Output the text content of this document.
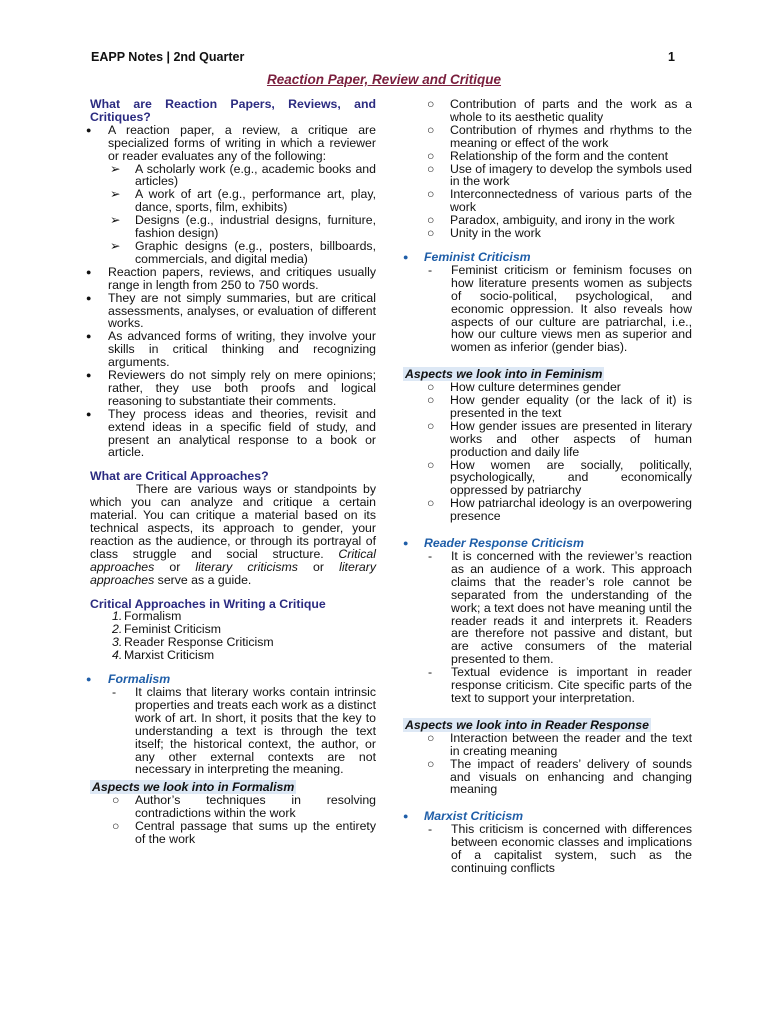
EAPP Notes | 2nd Quarter	1
Reaction Paper, Review and Critique

What are Reaction Papers, Reviews, and Critiques?

● A reaction paper, a review, a critique are specialized forms of writing in which a reviewer or reader evaluates any of the following:
➢ A scholarly work (e.g., academic books and articles)
➢ A work of art (e.g., performance art, play, dance, sports, film, exhibits)
➢ Designs (e.g., industrial designs, furniture, fashion design)
➢ Graphic designs (e.g., posters, billboards, commercials, and digital media)
● Reaction papers, reviews, and critiques usually range in length from 250 to 750 words.
● They are not simply summaries, but are critical assessments, analyses, or evaluation of different works.
● As advanced forms of writing, they involve your skills in critical thinking and recognizing arguments.
● Reviewers do not simply rely on mere opinions; rather, they use both proofs and logical reasoning to substantiate their comments.
● They process ideas and theories, revisit and extend ideas in a specific field of study, and present an analytical response to a book or article.

What are Critical Approaches?

There are various ways or standpoints by which you can analyze and critique a certain material. You can critique a material based on its technical aspects, its approach to gender, your reaction as the audience, or through its portrayal of class struggle and social structure. Critical approaches or literary criticisms or literary approaches serve as a guide.

Critical Approaches in Writing a Critique

1. Formalism
2. Feminist Criticism
3. Reader Response Criticism
4. Marxist Criticism
● Formalism
- It claims that literary works contain intrinsic properties and treats each work as a distinct work of art. In short, it posits that the key to understanding a text is through the text itself; the historical context, the author, or any other external contexts are not necessary in interpreting the meaning.

Aspects we look into in Formalism

○ Author’s techniques in resolving contradictions within the work
○ Central passage that sums up the entirety of the work
○ Contribution of parts and the work as a whole to its aesthetic quality
○ Contribution of rhymes and rhythms to the meaning or effect of the work
○ Relationship of the form and the content
○ Use of imagery to develop the symbols used in the work
○ Interconnectedness of various parts of the work
○ Paradox, ambiguity, and irony in the work
○ Unity in the work
● Feminist Criticism
- Feminist criticism or feminism focuses on how literature presents women as subjects of socio-political, psychological, and economic oppression. It also reveals how aspects of our culture are patriarchal, i.e., how our culture views men as superior and women as inferior (gender bias).

Aspects we look into in Feminism

○ How culture determines gender
○ How gender equality (or the lack of it) is presented in the text
○ How gender issues are presented in literary works and other aspects of human production and daily life
○ How women are socially, politically, psychologically, and economically oppressed by patriarchy
○ How patriarchal ideology is an overpowering presence
● Reader Response Criticism
- It is concerned with the reviewer’s reaction as an audience of a work. This approach claims that the reader’s role cannot be separated from the understanding of the work; a text does not have meaning until the reader reads it and interprets it. Readers are therefore not passive and distant, but are active consumers of the material presented to them.
- Textual evidence is important in reader response criticism. Cite specific parts of the text to support your interpretation.

Aspects we look into in Reader Response

○ Interaction between the reader and the text in creating meaning
○ The impact of readers’ delivery of sounds and visuals on enhancing and changing meaning
● Marxist Criticism
- This criticism is concerned with differences between economic classes and implications of a capitalist system, such as the continuing conflicts
